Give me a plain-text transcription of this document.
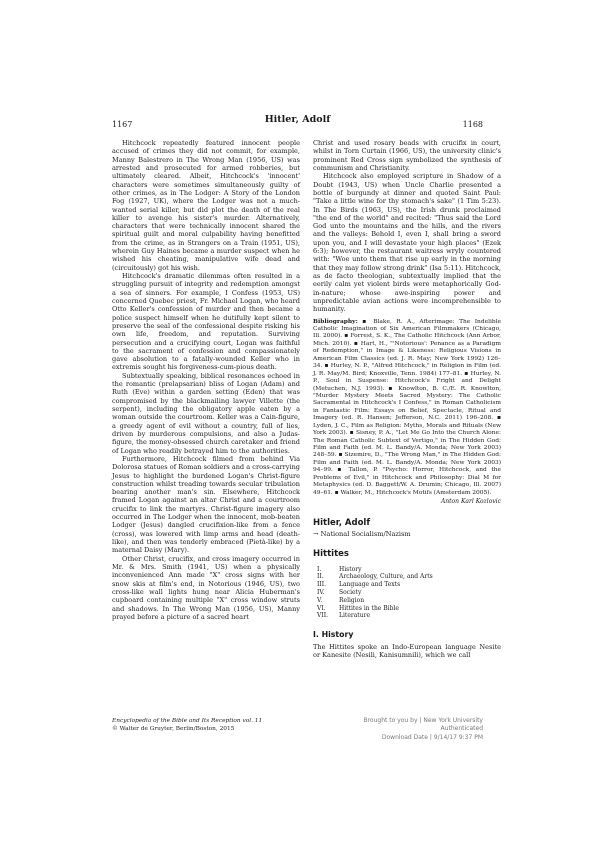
1167	Hitler, Adolf	1168

Hitchcock repeatedly featured innocent people accused of crimes they did not commit, for example, Manny Balestrero in The Wrong Man (1956, US) was arrested and prosecuted for armed robberies, but ultimately cleared. Albeit, Hitchcock's 'innocent' characters were sometimes simultaneously guilty of other crimes, as in The Lodger: A Story of the London Fog (1927, UK), where the Lodger was not a much-wanted serial killer, but did plot the death of the real killer to avenge his sister's murder. Alternatively, characters that were technically innocent shared the spiritual guilt and moral culpability having benefitted from the crime, as in Strangers on a Train (1951, US), wherein Guy Haines became a murder suspect when he wished his cheating, manipulative wife dead and (circuitously) got his wish.

Hitchcock's dramatic dilemmas often resulted in a struggling pursuit of integrity and redemption amongst a sea of sinners. For example, I Confess (1953, US) concerned Quebec priest, Fr. Michael Logan, who heard Otto Keller's confession of murder and then became a police suspect himself when he dutifully kept silent to preserve the seal of the confessional despite risking his own life, freedom, and reputation. Surviving persecution and a crucifying court, Logan was faithful to the sacrament of confession and compassionately gave absolution to a fatally-wounded Keller who in extremis sought his forgiveness-cum-pious death.

Subtextually speaking, biblical resonances echoed in the romantic (prelapsarian) bliss of Logan (Adam) and Ruth (Eve) within a garden setting (Eden) that was compromised by the blackmailing lawyer Villette (the serpent), including the obligatory apple eaten by a woman outside the courtroom. Keller was a Cain-figure, a greedy agent of evil without a country, full of lies, driven by murderous compulsions, and also a Judas-figure, the money-obsessed church caretaker and friend of Logan who readily betrayed him to the authorities.

Furthermore, Hitchcock filmed from behind Via Dolorosa statues of Roman soldiers and a cross-carrying Jesus to highlight the burdened Logan's Christ-figure construction whilst treading towards secular tribulation bearing another man's sin. Elsewhere, Hitchcock framed Logan against an altar Christ and a courtroom crucifix to link the martyrs. Christ-figure imagery also occurred in The Lodger when the innocent, mob-beaten Lodger (Jesus) dangled crucifixion-like from a fence (cross), was lowered with limp arms and head (death-like), and then was tenderly embraced (Pietà-like) by a maternal Daisy (Mary).

Other Christ, crucifix, and cross imagery occurred in Mr. & Mrs. Smith (1941, US) when a physically inconvenienced Ann made "X" cross signs with her snow skis at film's end, in Notorious (1946, US), two cross-like wall lights hung near Alicia Huberman's cupboard containing multiple "X" cross window struts and shadows. In The Wrong Man (1956, US), Manny prayed before a picture of a sacred heart

Christ and used rosary beads with crucifix in court, whilst in Torn Curtain (1966, US), the university clinic's prominent Red Cross sign symbolized the synthesis of communism and Christianity.

Hitchcock also employed scripture in Shadow of a Doubt (1943, US) when Uncle Charlie presented a bottle of burgundy at dinner and quoted Saint Paul: "Take a little wine for thy stomach's sake" (1 Tim 5:23). In The Birds (1963, US), the Irish drunk proclaimed "the end of the world" and recited: "Thus said the Lord God unto the mountains and the hills, and the rivers and the valleys: Behold I, even I, shall bring a sword upon you, and I will devastate your high places" (Ezek 6:3); however, the restaurant waitress wryly countered with: "Woe unto them that rise up early in the morning that they may follow strong drink" (Isa 5:11). Hitchcock, as de facto theologian, subtextually implied that the eerily calm yet violent birds were metaphorically God-in-nature; whose awe-inspiring power and unpredictable avian actions were incomprehensible to humanity.

Bibliography: ▪ Blake, R. A., Afterimage: The Indelible Catholic Imagination of Six American Filmmakers (Chicago, Ill. 2000). ▪ Forrest, S. K., The Catholic Hitchcock (Ann Arbor, Mich. 2010). ▪ Hart, H., "'Notorious': Penance as a Paradigm of Redemption," in Image & Likeness: Religious Visions in American Film Classics (ed. J. R. May; New York 1992) 126–34. ▪ Hurley, N. P., "Alfred Hitchcock," in Religion in Film (ed. J. R. May/M. Bird; Knoxville, Tenn. 1984) 177–81. ▪ Hurley, N. P., Soul in Suspense: Hitchcock's Fright and Delight (Metuchen, N.J. 1993). ▪ Knowlton, B. C./E. R. Knowlton, "Murder Mystery Meets Sacred Mystery: The Catholic Sacramental in Hitchcock's I Confess," in Roman Catholicism in Fantastic Film: Essays on Belief, Spectacle, Ritual and Imagery (ed. R. Hansen; Jefferson, N.C. 2011) 196–208. ▪ Lyden, J. C., Film as Religion: Myths, Morals and Rituals (New York 2003). ▪ Sisney, P. A., "Let Me Go Into the Church Alone: The Roman Catholic Subtext of Vertigo," in The Hidden God: Film and Faith (ed. M. L. Bandy/A. Monda; New York 2003) 248–59. ▪ Sizemire, D., "The Wrong Man," in The Hidden God: Film and Faith (ed. M. L. Bandy/A. Monda; New York 2003) 94–99. ▪ Tallon, P. "Psycho: Horror, Hitchcock, and the Problems of Evil," in Hitchcock and Philosophy: Dial M for Metaphysics (ed. D. Baggett/W. A. Drumin; Chicago, Ill. 2007) 49–61. ▪ Walker, M., Hitchcock's Motifs (Amsterdam 2005).
Anton Karl Kozlovic
Hitler, Adolf
→ National Socialism/Nazism
Hittites
I.	History
II.	Archaeology, Culture, and Arts
III.	Language and Texts
IV.	Society
V.	Religion
VI.	Hittites in the Bible
VII.	Literature
I. History

The Hittites spoke an Indo-European language Nesite or Kanesite (Nesili, Kanisumnili), which we call

Encyclopedia of the Bible and Its Reception vol. 11
© Walter de Gruyter, Berlin/Boston, 2015
Brought to you by | New York University
Authenticated
Download Date | 9/14/17 9:37 PM
